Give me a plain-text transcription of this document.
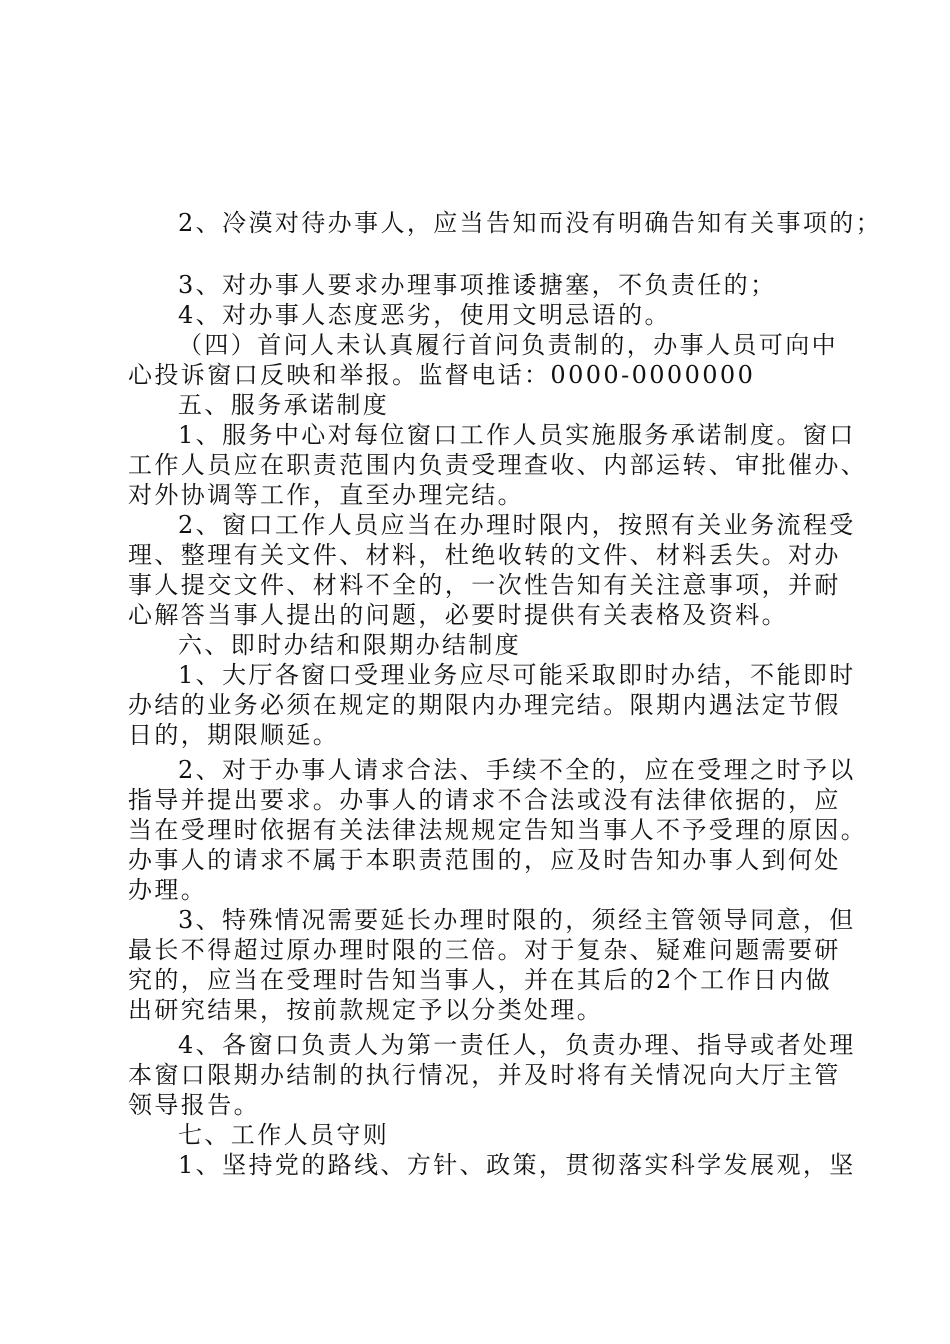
2、冷漠对待办事人，应当告知而没有明确告知有关事项的；
3、对办事人要求办理事项推诿搪塞，不负责任的；
4、对办事人态度恶劣，使用文明忌语的。
（四）首问人未认真履行首问负责制的，办事人员可向中
心投诉窗口反映和举报。监督电话：0000-0000000
五、服务承诺制度
1、服务中心对每位窗口工作人员实施服务承诺制度。窗口
工作人员应在职责范围内负责受理查收、内部运转、审批催办、
对外协调等工作，直至办理完结。
2、窗口工作人员应当在办理时限内，按照有关业务流程受
理、整理有关文件、材料，杜绝收转的文件、材料丢失。对办
事人提交文件、材料不全的，一次性告知有关注意事项，并耐
心解答当事人提出的问题，必要时提供有关表格及资料。
六、即时办结和限期办结制度
1、大厅各窗口受理业务应尽可能采取即时办结，不能即时
办结的业务必须在规定的期限内办理完结。限期内遇法定节假
日的，期限顺延。
2、对于办事人请求合法、手续不全的，应在受理之时予以
指导并提出要求。办事人的请求不合法或没有法律依据的，应
当在受理时依据有关法律法规规定告知当事人不予受理的原因。
办事人的请求不属于本职责范围的，应及时告知办事人到何处
办理。
3、特殊情况需要延长办理时限的，须经主管领导同意，但
最长不得超过原办理时限的三倍。对于复杂、疑难问题需要研
究的，应当在受理时告知当事人，并在其后的2个工作日内做
出研究结果，按前款规定予以分类处理。
4、各窗口负责人为第一责任人，负责办理、指导或者处理
本窗口限期办结制的执行情况，并及时将有关情况向大厅主管
领导报告。
七、工作人员守则
1、坚持党的路线、方针、政策，贯彻落实科学发展观，坚
